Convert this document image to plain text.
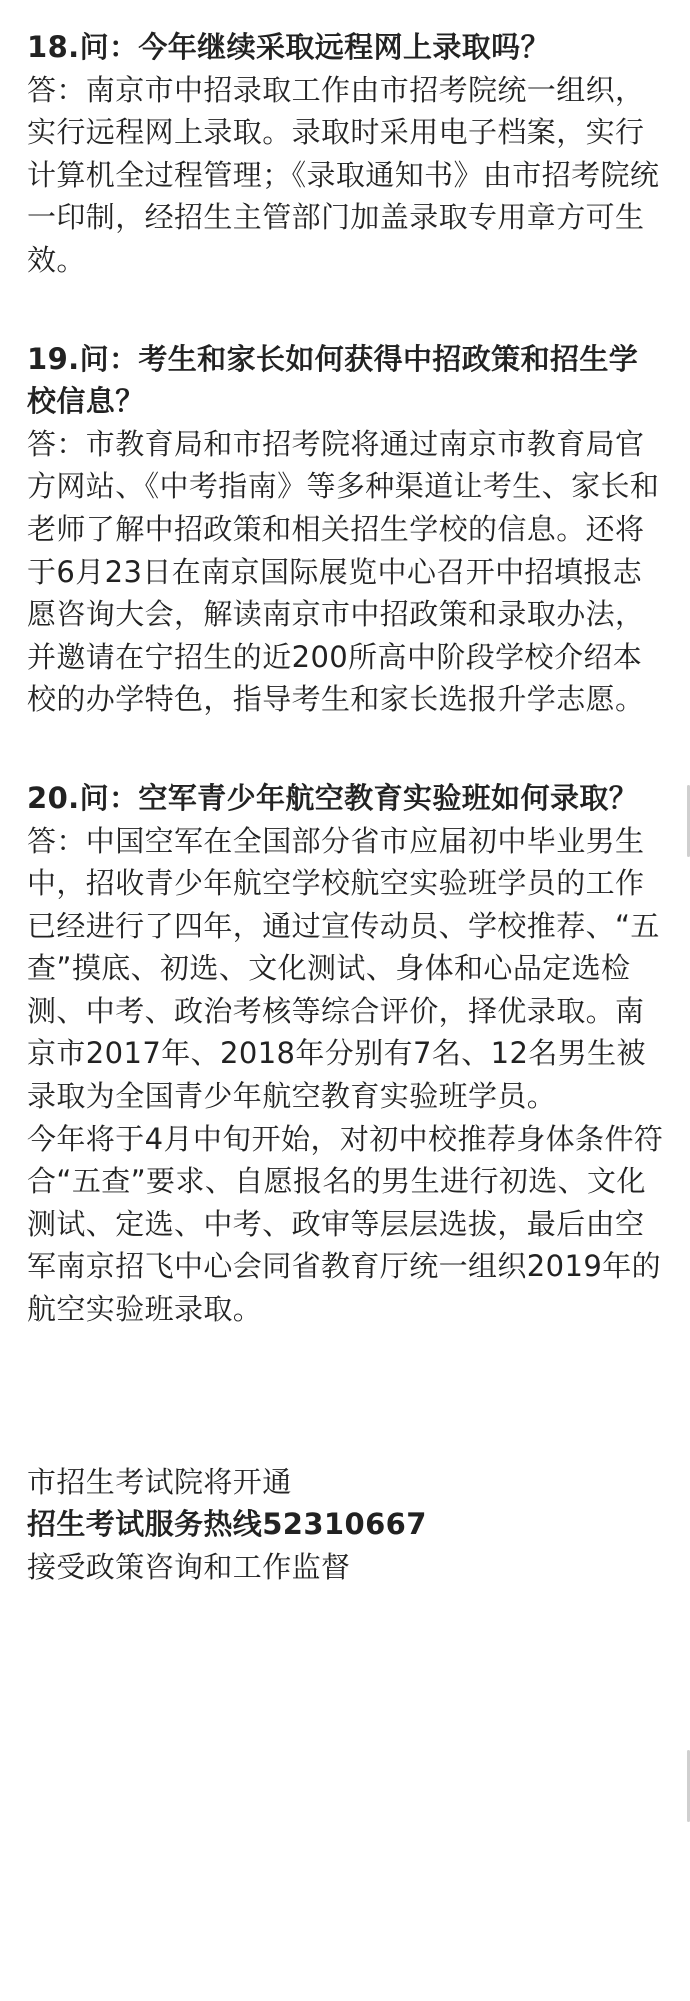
18.问：今年继续采取远程网上录取吗？

答：南京市中招录取工作由市招考院统一组织，实行远程网上录取。录取时采用电子档案，实行计算机全过程管理；《录取通知书》由市招考院统一印制，经招生主管部门加盖录取专用章方可生效。

19.问：考生和家长如何获得中招政策和招生学校信息？

答：市教育局和市招考院将通过南京市教育局官方网站、《中考指南》等多种渠道让考生、家长和老师了解中招政策和相关招生学校的信息。还将于6月23日在南京国际展览中心召开中招填报志愿咨询大会，解读南京市中招政策和录取办法，并邀请在宁招生的近200所高中阶段学校介绍本校的办学特色，指导考生和家长选报升学志愿。

20.问：空军青少年航空教育实验班如何录取？

答：中国空军在全国部分省市应届初中毕业男生中，招收青少年航空学校航空实验班学员的工作已经进行了四年，通过宣传动员、学校推荐、“五查”摸底、初选、文化测试、身体和心品定选检测、中考、政治考核等综合评价，择优录取。南京市2017年、2018年分别有7名、12名男生被录取为全国青少年航空教育实验班学员。

今年将于4月中旬开始，对初中校推荐身体条件符合“五查”要求、自愿报名的男生进行初选、文化测试、定选、中考、政审等层层选拔，最后由空军南京招飞中心会同省教育厅统一组织2019年的航空实验班录取。

市招生考试院将开通

招生考试服务热线52310667

接受政策咨询和工作监督
